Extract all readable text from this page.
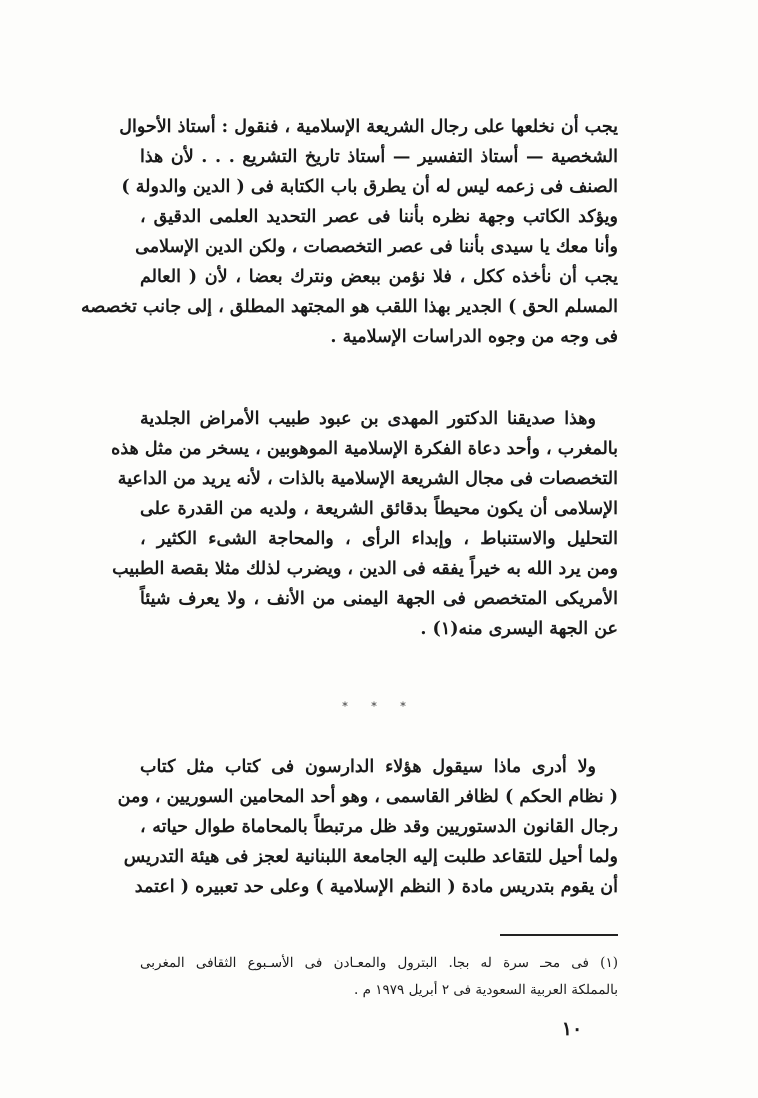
يجب أن نخلعها على رجال الشريعة الإسلامية ، فنقول : أستاذ الأحوال
الشخصية — أستاذ التفسير — أستاذ تاريخ التشريع . . . لأن هذا
الصنف فى زعمه ليس له أن يطرق باب الكتابة فى ( الدين والدولة )
ويؤكد الكاتب وجهة نظره بأننا فى عصر التحديد العلمى الدقيق ،
وأنا معك يا سيدى بأننا فى عصر التخصصات ، ولكن الدين الإسلامى
يجب أن نأخذه ككل ، فلا نؤمن ببعض ونترك بعضا ، لأن ( العالم
المسلم الحق ) الجدير بهذا اللقب هو المجتهد المطلق ، إلى جانب تخصصه
فى وجه من وجوه الدراسات الإسلامية .
وهذا صديقنا الدكتور المهدى بن عبود طبيب الأمراض الجلدية
بالمغرب ، وأحد دعاة الفكرة الإسلامية الموهوبين ، يسخر من مثل هذه
التخصصات فى مجال الشريعة الإسلامية بالذات ، لأنه يريد من الداعية
الإسلامى أن يكون محيطاً بدقائق الشريعة ، ولديه من القدرة على
التحليل والاستنباط ، وإبداء الرأى ، والمحاجة الشىء الكثير ،
ومن يرد الله به خيراً يفقه فى الدين ، ويضرب لذلك مثلا بقصة الطبيب
الأمريكى المتخصص فى الجهة اليمنى من الأنف ، ولا يعرف شيئاً
عن الجهة اليسرى منه(١) .
* * *
ولا أدرى ماذا سيقول هؤلاء الدارسون فى كتاب مثل كتاب
( نظام الحكم ) لظافر القاسمى ، وهو أحد المحامين السوريين ، ومن
رجال القانون الدستوريين وقد ظل مرتبطاً بالمحاماة طوال حياته ،
ولما أحيل للتقاعد طلبت إليه الجامعة اللبنانية لعجز فى هيئة التدريس
أن يقوم بتدريس مادة ( النظم الإسلامية ) وعلى حد تعبيره ( اعتمد
(١) فى محـ سرة له بجا. البترول والمعـادن فى الأسـبوع الثقافى المغربى
بالمملكة العربية السعودية فى ٢ أبريل ١٩٧٩ م .
١٠
